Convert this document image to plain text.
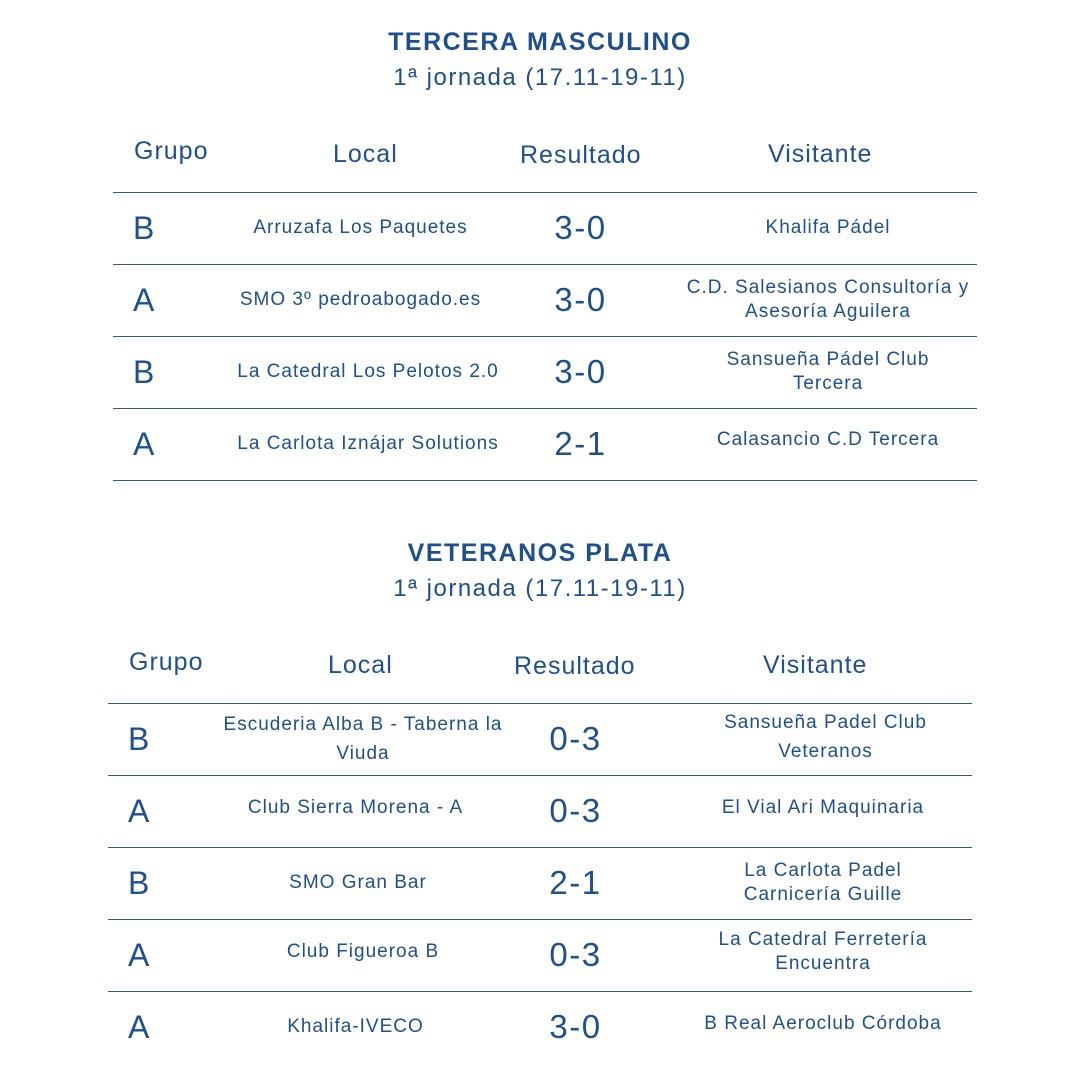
TERCERA MASCULINO
1ª jornada (17.11-19-11)
Grupo	Local	Resultado	Visitante
B	Arruzafa Los Paquetes	3-0	Khalifa Pádel
A	SMO 3º pedroabogado.es	3-0	C.D. Salesianos Consultoría y Asesoría Aguilera
B	La Catedral Los Pelotos 2.0	3-0	Sansueña Pádel Club Tercera
A	La Carlota Iznájar Solutions	2-1	Calasancio C.D Tercera
VETERANOS PLATA
1ª jornada (17.11-19-11)
Grupo	Local	Resultado	Visitante
B	Escuderia Alba B - Taberna la Viuda	0-3	Sansueña Padel Club Veteranos
A	Club Sierra Morena - A	0-3	El Vial Ari Maquinaria
B	SMO Gran Bar	2-1	La Carlota Padel Carnicería Guille
A	Club Figueroa B	0-3	La Catedral Ferretería Encuentra
A	Khalifa-IVECO	3-0	B Real Aeroclub Córdoba
